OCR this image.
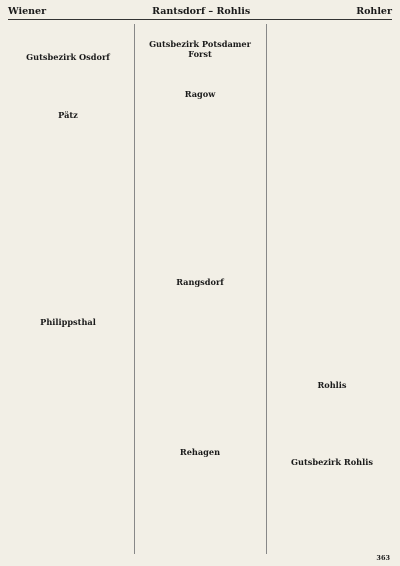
Wiener	Rantsdorf – Rohlis	Rohler

Gutsbezirk Osdorf

Pätz

Philippsthal

Gutsbezirk Potsdamer Forst

Ragow

Rangsdorf

Rehagen

Rohlis

Gutsbezirk Rohlis

363
